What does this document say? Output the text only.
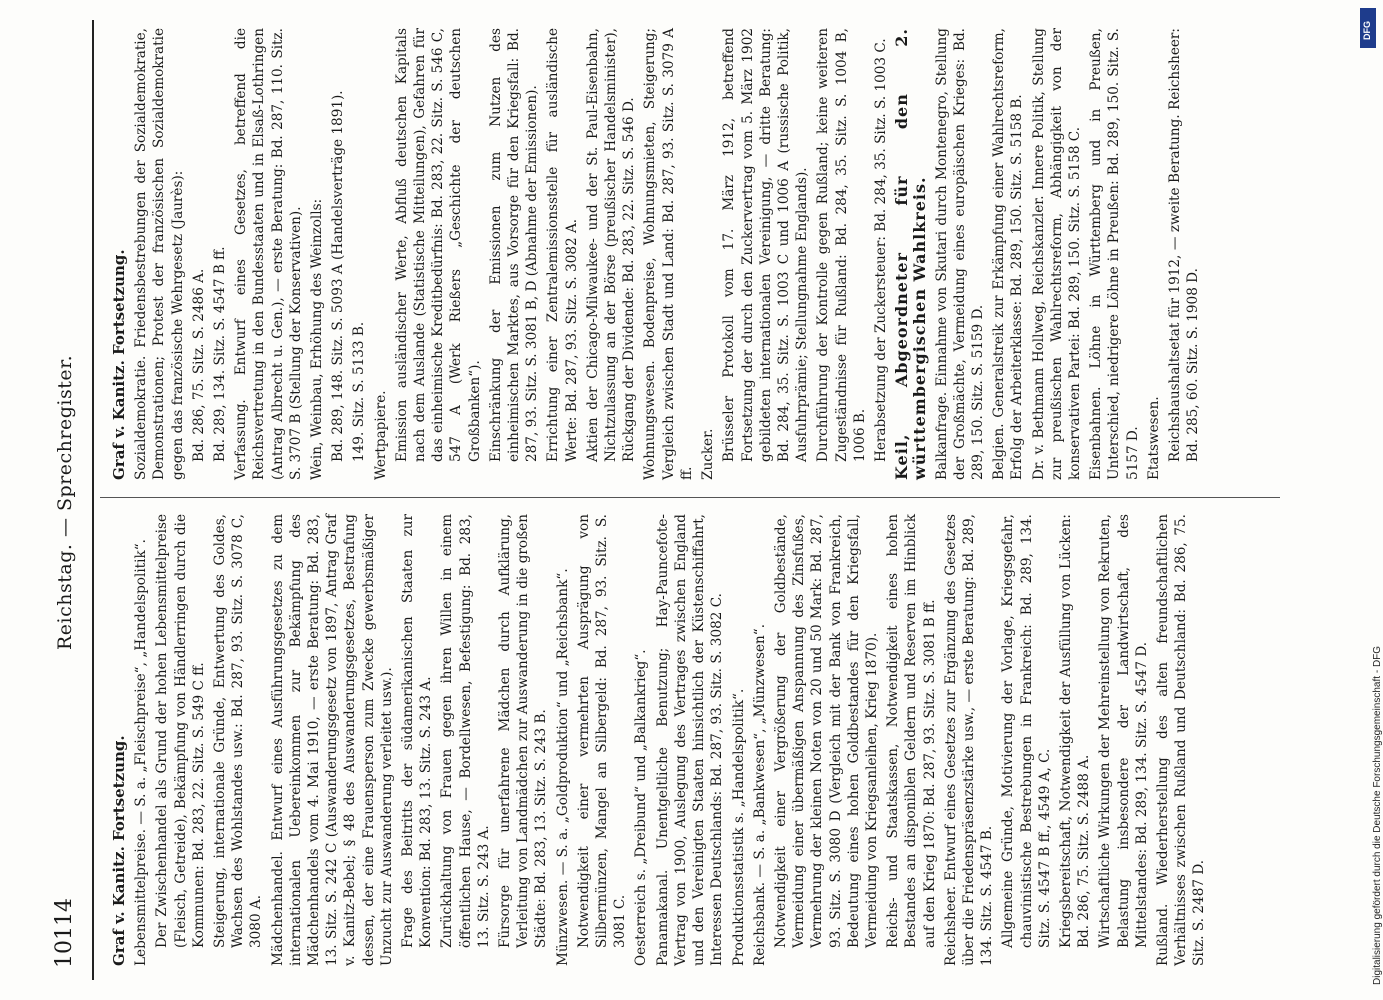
DFG
Digitalisierung gefördert durch die Deutsche Forschungsgemeinschaft - DFG
10114
Reichstag. — Sprechregister.
Graf v. Kanitz. Fortsetzung. Lebensmittelpreise. — S. a. „Fleischpreise“, „Handelspolitik“. Der Zwischenhandel als Grund der hohen Lebensmittelpreise (Fleisch, Getreide), Bekämpfung von Händlerringen durch die Kommunen: Bd. 283, 22. Sitz. S. 549 C ff. Steigerung, internationale Gründe, Entwertung des Goldes, Wachsen des Wohlstandes usw.: Bd. 287, 93. Sitz. S. 3078 C, 3080 A. Mädchenhandel. Entwurf eines Ausführungsgesetzes zu dem internationalen Uebereinkommen zur Bekämpfung des Mädchenhandels vom 4. Mai 1910, — erste Beratung: Bd. 283, 13. Sitz. S. 242 C (Auswanderungsgesetz von 1897, Antrag Graf v. Kanitz-Bebel; § 48 des Auswanderungsgesetzes, Bestrafung dessen, der eine Frauensperson zum Zwecke gewerbsmäßiger Unzucht zur Auswanderung verleitet usw.). Frage des Beitritts der südamerikanischen Staaten zur Konvention: Bd. 283, 13. Sitz. S. 243 A. Zurückhaltung von Frauen gegen ihren Willen in einem öffentlichen Hause, — Bordellwesen, Befestigung: Bd. 283, 13. Sitz. S. 243 A. Fürsorge für unerfahrene Mädchen durch Aufklärung, Verleitung von Landmädchen zur Auswanderung in die großen Städte: Bd. 283, 13. Sitz. S. 243 B. Münzwesen. — S. a. „Goldproduktion“ und „Reichsbank“. Notwendigkeit einer vermehrten Ausprägung von Silbermünzen, Mangel an Silbergeld: Bd. 287, 93. Sitz. S. 3081 C. Oesterreich s. „Dreibund“ und „Balkankrieg“. Panamakanal. Unentgeltliche Benutzung; Hay-Pauncefote-Vertrag von 1900, Auslegung des Vertrages zwischen England und den Vereinigten Staaten hinsichtlich der Küstenschiffahrt, Interessen Deutschlands: Bd. 287, 93. Sitz. S. 3082 C. Produktionsstatistik s. „Handelspolitik“. Reichsbank. — S. a. „Bankwesen“, „Münzwesen“. Notwendigkeit einer Vergrößerung der Goldbestände, Vermeidung einer übermäßigen Anspannung des Zinsfußes, Vermehrung der kleinen Noten von 20 und 50 Mark: Bd. 287, 93. Sitz. S. 3080 D (Vergleich mit der Bank von Frankreich, Bedeutung eines hohen Goldbestandes für den Kriegsfall, Vermeidung von Kriegsanleihen, Krieg 1870). Reichs- und Staatskassen, Notwendigkeit eines hohen Bestandes an disponiblen Geldern und Reserven im Hinblick auf den Krieg 1870: Bd. 287, 93. Sitz. S. 3081 B ff. Reichsheer. Entwurf eines Gesetzes zur Ergänzung des Gesetzes über die Friedenspräsenzstärke usw., — erste Beratung: Bd. 289, 134. Sitz. S. 4547 B. Allgemeine Gründe, Motivierung der Vorlage, Kriegsgefahr, chauvinistische Bestrebungen in Frankreich: Bd. 289, 134. Sitz. S. 4547 B ff., 4549 A, C. Kriegsbereitschaft, Notwendigkeit der Ausfüllung von Lücken: Bd. 286, 75. Sitz. S. 2488 A. Wirtschaftliche Wirkungen der Mehreinstellung von Rekruten, Belastung insbesondere der Landwirtschaft, des Mittelstandes: Bd. 289, 134. Sitz. S. 4547 D. Rußland. Wiederherstellung des alten freundschaftlichen Verhältnisses zwischen Rußland und Deutschland: Bd. 286, 75. Sitz. S. 2487 D.
Graf v. Kanitz. Fortsetzung. Sozialdemokratie. Friedensbestrebungen der Sozialdemokratie, Demonstrationen; Protest der französischen Sozialdemokratie gegen das französische Wehrgesetz (Jaurès): Bd. 286, 75. Sitz. S. 2486 A. Bd. 289, 134. Sitz. S. 4547 B ff. Verfassung. Entwurf eines Gesetzes, betreffend die Reichsvertretung in den Bundesstaaten und in Elsaß-Lothringen (Antrag Albrecht u. Gen.), — erste Beratung: Bd. 287, 110. Sitz. S. 3707 B (Stellung der Konservativen). Wein, Weinbau, Erhöhung des Weinzolls: Bd. 289, 148. Sitz. S. 5093 A (Handelsverträge 1891). 149. Sitz. S. 5133 B. Wertpapiere. Emission ausländischer Werte, Abfluß deutschen Kapitals nach dem Auslande (Statistische Mitteilungen), Gefahren für das einheimische Kreditbedürfnis: Bd. 283, 22. Sitz. S. 546 C, 547 A (Werk Rießers „Geschichte der deutschen Großbanken“). Einschränkung der Emissionen zum Nutzen des einheimischen Marktes, aus Vorsorge für den Kriegsfall: Bd. 287, 93. Sitz. S. 3081 B, D (Abnahme der Emissionen). Errichtung einer Zentralemissionsstelle für ausländische Werte: Bd. 287, 93. Sitz. S. 3082 A. Aktien der Chicago-Milwaukee- und der St. Paul-Eisenbahn, Nichtzulassung an der Börse (preußischer Handelsminister), Rückgang der Dividende: Bd. 283, 22. Sitz. S. 546 D. Wohnungswesen. Bodenpreise, Wohnungsmieten, Steigerung; Vergleich zwischen Stadt und Land: Bd. 287, 93. Sitz. S. 3079 A ff. Zucker. Brüsseler Protokoll vom 17. März 1912, betreffend Fortsetzung der durch den Zuckervertrag vom 5. März 1902 gebildeten internationalen Vereinigung, — dritte Beratung: Bd. 284, 35. Sitz. S. 1003 C und 1006 A (russische Politik, Ausfuhrprämie; Stellungnahme Englands). Durchführung der Kontrolle gegen Rußland; keine weiteren Zugeständnisse für Rußland: Bd. 284, 35. Sitz. S. 1004 B, 1006 B. Herabsetzung der Zuckersteuer: Bd. 284, 35. Sitz. S. 1003 C. Keil, Abgeordneter für den 2. württembergischen Wahlkreis. Balkanfrage. Einnahme von Skutari durch Montenegro, Stellung der Großmächte, Vermeidung eines europäischen Krieges: Bd. 289, 150. Sitz. S. 5159 D. Belgien. Generalstreik zur Erkämpfung einer Wahlrechtsreform, Erfolg der Arbeiterklasse: Bd. 289, 150. Sitz. S. 5158 B. Dr. v. Bethmann Hollweg, Reichskanzler. Innere Politik, Stellung zur preußischen Wahlrechtsreform, Abhängigkeit von der konservativen Partei: Bd. 289, 150. Sitz. S. 5158 C. Eisenbahnen. Löhne in Württemberg und in Preußen, Unterschied, niedrigere Löhne in Preußen: Bd. 289, 150. Sitz. S. 5157 D. Etatswesen. Reichshaushaltsetat für 1912, — zweite Beratung. Reichsheer: Bd. 285, 60. Sitz. S. 1908 D.
